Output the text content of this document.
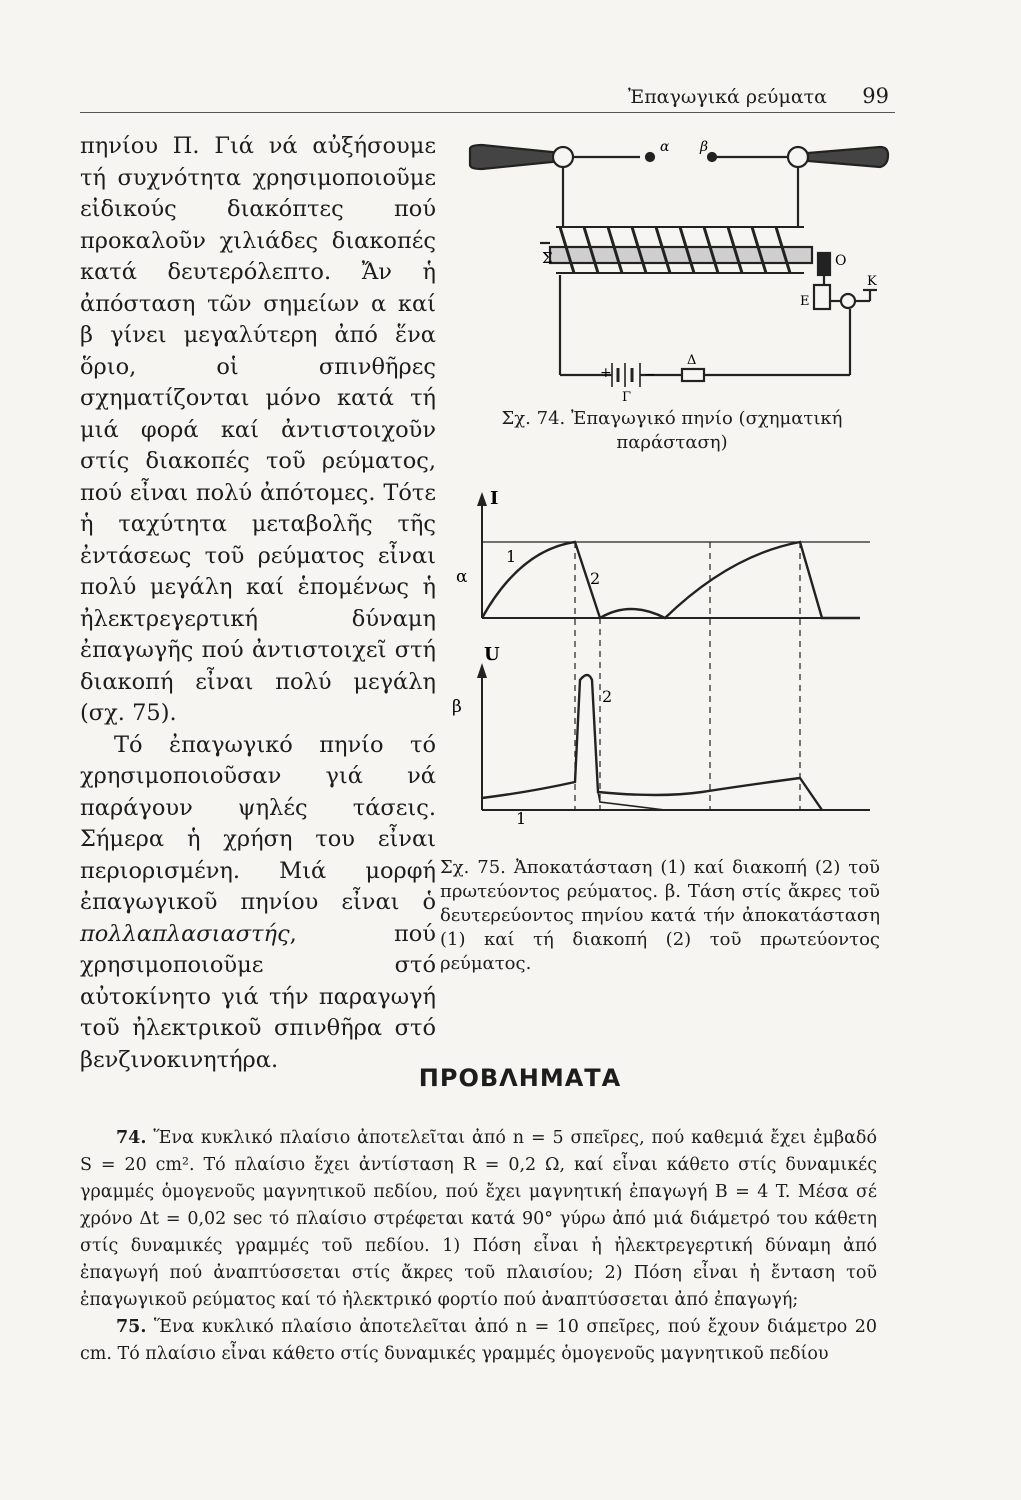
Ἐπαγωγικά ρεύματα 99

πηνίου Π. Γιά νά αὐξήσουμε τή συχνότητα χρησιμοποιοῦμε εἰδικούς διακόπτες πού προκαλοῦν χιλιάδες διακοπές κατά δευτερόλεπτο. Ἄν ἡ ἀπόσταση τῶν σημείων α καί β γίνει μεγαλύτερη ἀπό ἕνα ὅριο, οἱ σπινθῆρες σχηματίζονται μόνο κατά τή μιά φορά καί ἀντιστοιχοῦν στίς διακοπές τοῦ ρεύματος, πού εἶναι πολύ ἀπότομες. Τότε ἡ ταχύτητα μεταβολῆς τῆς ἐντάσεως τοῦ ρεύματος εἶναι πολύ μεγάλη καί ἑπομένως ἡ ἠλεκτρεγερτική δύναμη ἐπαγωγῆς πού ἀντιστοιχεῖ στή διακοπή εἶναι πολύ μεγάλη (σχ. 75).

Τό ἐπαγωγικό πηνίο τό χρησιμοποιοῦσαν γιά νά παράγουν ψηλές τάσεις. Σήμερα ἡ χρήση του εἶναι περιορισμένη. Μιά μορφή ἐπαγωγικοῦ πηνίου εἶναι ὁ πολλαπλασιαστής, πού χρησιμοποιοῦμε στό αὐτοκίνητο γιά τήν παραγωγή τοῦ ἠλεκτρικοῦ σπινθῆρα στό βενζινοκινητήρα.

α β
Σ	O
K
E
Δ
Γ
+ −
Σχ. 74. Ἐπαγωγικό πηνίο (σχηματική παράσταση)
I
α
1
2
U
β
2
1
Σχ. 75. Ἀποκατάσταση (1) καί διακοπή (2) τοῦ πρωτεύοντος ρεύματος. β. Τάση στίς ἄκρες τοῦ δευτερεύοντος πηνίου κατά τήν ἀποκατάσταση (1) καί τή διακοπή (2) τοῦ πρωτεύοντος ρεύματος.
ΠΡΟΒΛΗΜΑΤΑ

74. Ἕνα κυκλικό πλαίσιο ἀποτελεῖται ἀπό n = 5 σπεῖρες, πού καθεμιά ἔχει ἐμβαδό S = 20 cm². Τό πλαίσιο ἔχει ἀντίσταση R = 0,2 Ω, καί εἶναι κάθετο στίς δυναμικές γραμμές ὁμογενοῦς μαγνητικοῦ πεδίου, πού ἔχει μαγνητική ἐπαγωγή B = 4 T. Μέσα σέ χρόνο Δt = 0,02 sec τό πλαίσιο στρέφεται κατά 90° γύρω ἀπό μιά διάμετρό του κάθετη στίς δυναμικές γραμμές τοῦ πεδίου. 1) Πόση εἶναι ἡ ἠλεκτρεγερτική δύναμη ἀπό ἐπαγωγή πού ἀναπτύσσεται στίς ἄκρες τοῦ πλαισίου; 2) Πόση εἶναι ἡ ἔνταση τοῦ ἐπαγωγικοῦ ρεύματος καί τό ἠλεκτρικό φορτίο πού ἀναπτύσσεται ἀπό ἐπαγωγή;

75. Ἕνα κυκλικό πλαίσιο ἀποτελεῖται ἀπό n = 10 σπεῖρες, πού ἔχουν διάμετρο 20 cm. Τό πλαίσιο εἶναι κάθετο στίς δυναμικές γραμμές ὁμογενοῦς μαγνητικοῦ πεδίου
